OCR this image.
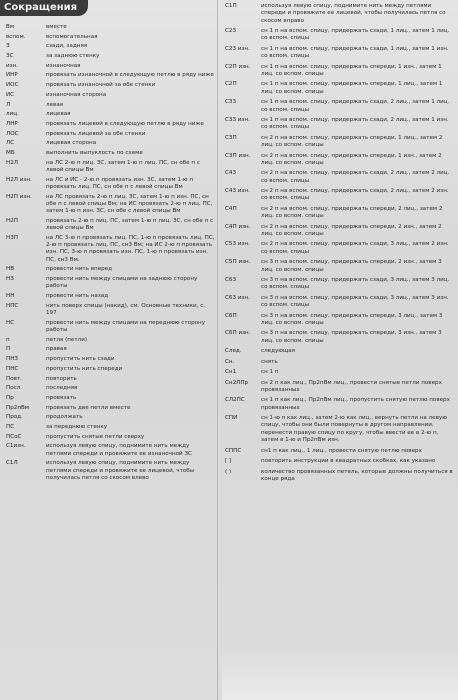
Сокращения
Вм	вместе
вспом.	вспомогательная
З	сзади, задняя
ЗС	за заднюю стенку
изн.	изнаночная
ИНР	провязать изнаночной в следующую петлю в ряду ниже
ИОС	провязать изнаночной за обе стенки
ИС	изнаночная сторона
Л	левая
лиц.	лицевая
ЛНР	провязать лицевой в следующую петлю в ряду ниже
ЛОС	провязать лицевой за обе стенки
ЛС	лицевая сторона
МБ	выполнить выпуклость по схеме
Н2Л	на ЛС 2-ю п лиц. ЗС, затем 1-ю п лиц. ПС, сн обе п с левой спицы Вм
Н2Л изн.	на ЛС и ИС - 2-ю п провязать изн. ЗС, затем 1-ю п провязать лиц. ПС, сн обе п с левой спицы Вм
Н2П изн.	на ЛС провязать 2-ю п лиц. ЗС, затем 1-ю п изн. ПС, сн обе п с левой спицы Вм; на ИС провязать 2-ю п лиц. ПС, затем 1-ю п изн. ЗС, сн обе с левой спицы Вм
Н2П	провязать 2-ю п лиц. ПС, затем 1-ю п лиц. ЗС, сн обе п с левой спицы Вм
Н3П	на ЛС 3-ю п провязать лиц. ПС, 1-ю п провязать лиц. ПС, 2-ю п провязать лиц. ПС, сн3 Вм; на ИС 2-ю п провязать изн. ПС, 3-ю п провязать изн. ПС, 1-ю п провязать изн. ПС, сн3 Вм.
НВ	провести нить вперед
НЗ	провести нить между спицами на заднюю сторону работы
НН	провести нить назад
НПС	нить поверх спицы (накид), см. Основные техники, с. 197
НС	провести нить между спицами на переднюю сторону работы
п	петля (петли)
П	правая
ПНЗ	пропустить нить сзади
ПНС	пропустить нить спереди
Повт.	повторить
Посл.	последняя
Пр	провязать
Пр2пВм	провязать две петли вместе
Прод.	продолжать
ПС	за переднюю стенку
ПСоС	пропустить снятые петли сверху
С1изн.	используя левую спицу, поднимите нить между петлями спереди и провяжите ее изнаночной ЗС
С1Л	используя левую спицу, поднимите нить между петлями спереди и провяжите ее лицевой, чтобы получилась петля со скосом влево
С1П	используя левую спицу, поднимите нить между петлями спереди и провяжите ее лицевой, чтобы получилась петля со скосом вправо
С23	сн 1 п на вспом. спицу, придержать сзади, 1 лиц., затем 1 лиц. со вспом. спицы
С23 изн.	сн 1 п на вспом. спицу, придержать сзади, 1 лиц., затем 1 изн. со вспом. спицы
С2П изн.	сн 1 п на вспом. спицу, придержать спереди, 1 изн., затем 1 лиц. со вспом. спицы
С2П	сн 1 п на вспом. спицу, придержать спереди, 1 лиц., затем 1 лиц. со вспом. спицы
С33	сн 1 п на вспом. спицу, придержать сзади, 2 лиц., затем 1 лиц. со вспом. спицы
С33 изн.	сн 1 п на вспом. спицу, придержать сзади, 2 лиц., затем 1 изн. со вспом. спицы
С3П	сн 2 п на вспом. спицу, придержать спереди, 1 лиц., затем 2 лиц. со вспом. спицы
С3П изн.	сн 2 п на вспом. спицу, придержать спереди, 1 изн., затем 2 лиц. со вспом. спицы
С43	сн 2 п на вспом. спицу, придержать сзади, 2 лиц., затем 2 лиц. со вспом. спицы
С43 изн.	сн 2 п на вспом. спицу, придержать сзади, 2 лиц., затем 2 изн. со вспом. спицы
С4П	сн 2 п на вспом. спицу, придержать спереди, 2 лиц., затем 2 лиц. со вспом. спицы
С4П изн.	сн 2 п на вспом. спицу, придержать спереди, 2 изн., затем 2 лиц. со вспом. спицы
С53 изн.	сн 2 п на вспом. спицу, придержать сзади, 3 лиц., затем 2 изн. со вспом. спицы
С5П изн.	сн 3 п на вспом. спицу, придержать спереди, 2 изн., затем 3 лиц. со вспом. спицы
С63	сн 3 п на вспом. спицу, придержать сзади, 3 лиц., затем 3 лиц. со вспом. спицы
С63 изн.	сн 3 п на вспом. спицу, придержать сзади, 3 лиц., затем 3 изн. со вспом. спицы
С6П	сн 3 п на вспом. спицу, придержать спереди, 3 лиц., затем 3 лиц. со вспом. спицы
С6П изн.	сн 3 п на вспом. спицу, придержать спереди, 3 изн., затем 3 лиц. со вспом. спицы
След.	следующая
Сн.	снять
Сн1	сн 1 п
Сн2ЛПр	сн 2 п как лиц., Пр2пВм лиц., провести снятые петли поверх провязанных
СЛ2ПС	сн 1 п как лиц., Пр2пВм лиц., пропустить снятую петлю поверх провязанных
СПИ	сн 1-ю п как лиц., затем 2-ю как лиц., вернуть петли на левую спицу, чтобы они были повернуты в другом направлении, перенести правую спицу по кругу, чтобы ввести ее в 2-ю п, затем в 1-ю и Пр2пВм изн.
СППС	сн1 п как лиц., 1 лиц., провести снятую петлю поверх
[ ]	повторить инструкции в квадратных скобках, как указано
( )	количество провязанных петель, которые должны получиться в конце ряда
